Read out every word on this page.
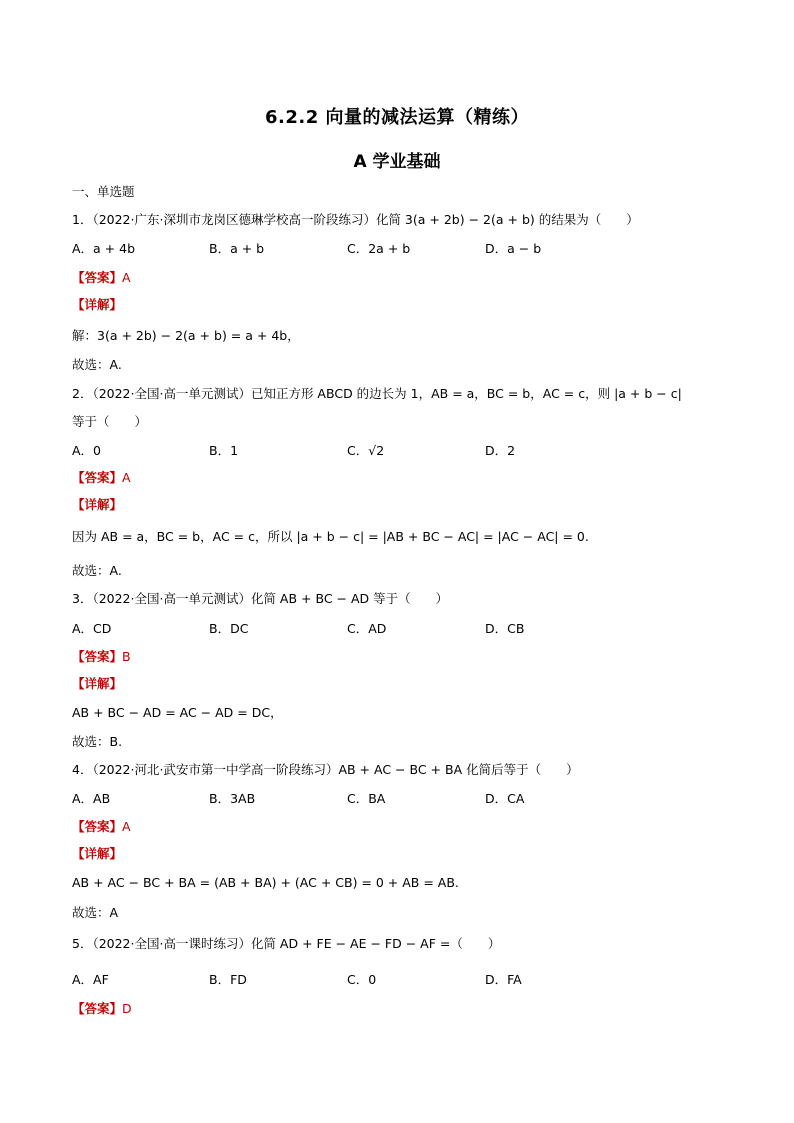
6.2.2 向量的减法运算（精练）
A 学业基础
一、单选题
1．（2022·广东·深圳市龙岗区德琳学校高一阶段练习）化简 3(a + 2b) − 2(a + b) 的结果为（　　）
A．a + 4b	B．a + b	C．2a + b	D．a − b
【答案】A
【详解】
解：3(a + 2b) − 2(a + b) = a + 4b，
故选：A.
2．（2022·全国·高一单元测试）已知正方形 ABCD 的边长为 1，AB = a，BC = b，AC = c，则 |a + b − c|
等于（　　）
A．0	B．1	C．√2	D．2
【答案】A
【详解】
因为 AB = a，BC = b，AC = c，所以 |a + b − c| = |AB + BC − AC| = |AC − AC| = 0.
故选：A.
3．（2022·全国·高一单元测试）化简 AB + BC − AD 等于（　　）
A．CD	B．DC	C．AD	D．CB
【答案】B
【详解】
AB + BC − AD = AC − AD = DC，
故选：B.
4．（2022·河北·武安市第一中学高一阶段练习）AB + AC − BC + BA 化简后等于（　　）
A．AB	B．3AB	C．BA	D．CA
【答案】A
【详解】
AB + AC − BC + BA = (AB + BA) + (AC + CB) = 0 + AB = AB.
故选：A
5．（2022·全国·高一课时练习）化简 AD + FE − AE − FD − AF =（　　）
A．AF	B．FD	C．0	D．FA
【答案】D
